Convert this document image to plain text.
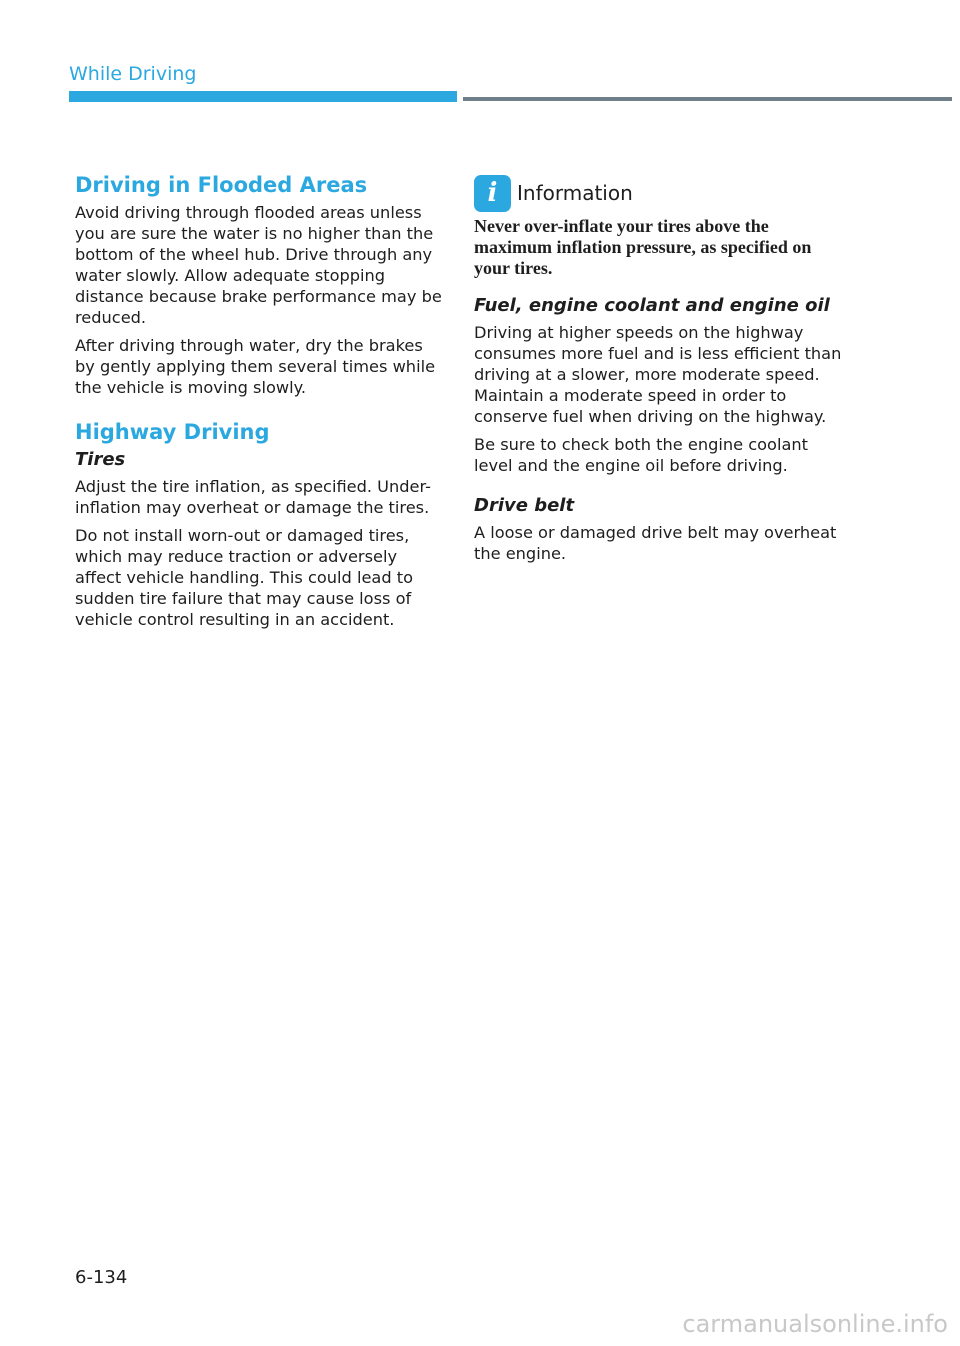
While Driving
Driving in Flooded Areas

Avoid driving through flooded areas unless you are sure the water is no higher than the bottom of the wheel hub. Drive through any water slowly. Allow adequate stopping distance because brake performance may be reduced.

After driving through water, dry the brakes by gently applying them several times while the vehicle is moving slowly.

Highway Driving
Tires

Adjust the tire inflation, as specified. Under-inflation may overheat or damage the tires.

Do not install worn-out or damaged tires, which may reduce traction or adversely affect vehicle handling. This could lead to sudden tire failure that may cause loss of vehicle control resulting in an accident.

i Information

Never over-inflate your tires above the maximum inflation pressure, as specified on your tires.

Fuel, engine coolant and engine oil

Driving at higher speeds on the highway consumes more fuel and is less efficient than driving at a slower, more moderate speed. Maintain a moderate speed in order to conserve fuel when driving on the highway.

Be sure to check both the engine coolant level and the engine oil before driving.

Drive belt

A loose or damaged drive belt may overheat the engine.

6-134
carmanualsonline.info
